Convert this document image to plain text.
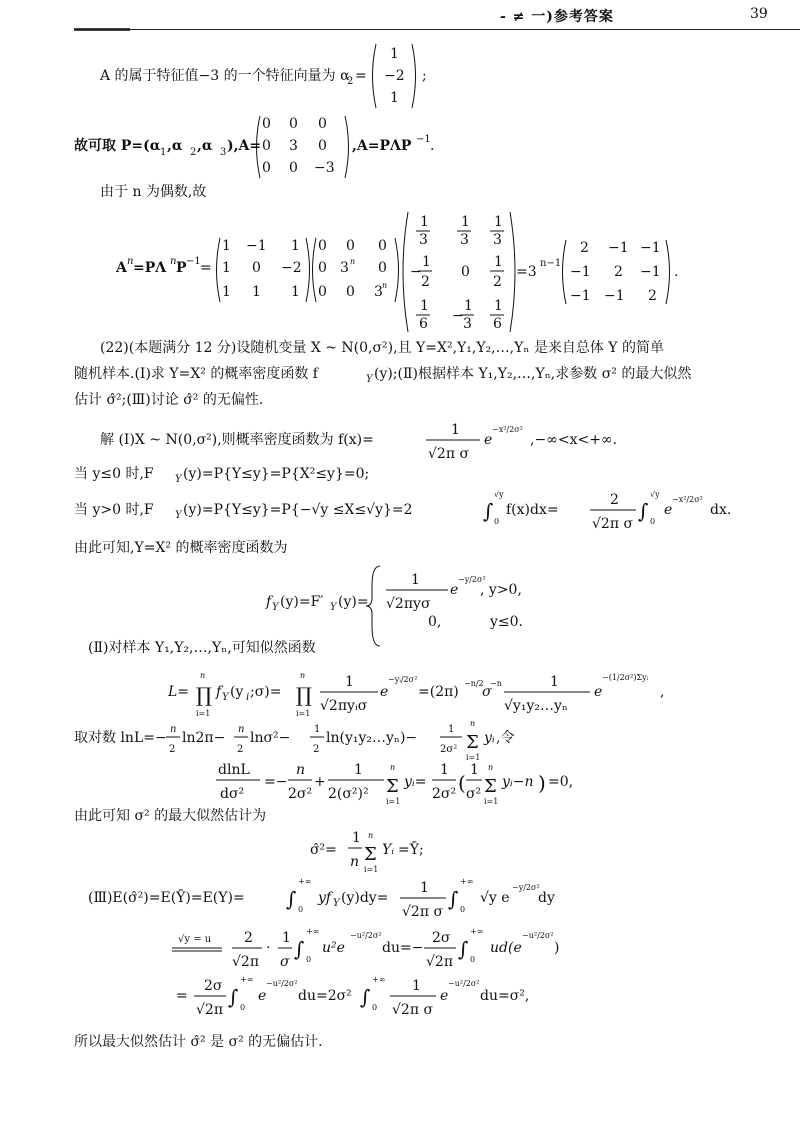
- ≠ 一)参考答案	39
A 的属于特征值−3 的一个特征向量为 α
2 =
1
−2
1
;
故可取 P=(α 1 ,α 2 ,α 3 ),A=
0 0 0
0 3 0
0 0 −3
,A=PΛP −1 .
由于 n 为偶数,故
A n =PΛ n P −1 =
1 −1 1
1 0 −2
1 1 1
0 0 0
0 3 n 0
0 0 3 n
1
3
1
3
1
3
−
1
2
0
1
2
1
6 −
1
3
1
6
=3
n−1
2 −1 −1
−1 2 −1
−1 −1 2
.
(22)(本题满分 12 分)设随机变量 X ~ N(0,σ²),且 Y=X²,Y₁,Y₂,…,Yₙ 是来自总体 Y 的简单
随机样本.(Ⅰ)求 Y=X² 的概率密度函数 f	Y (y);(Ⅱ)根据样本 Y₁,Y₂,…,Yₙ,求参数 σ² 的最大似然
估计 σ̂²;(Ⅲ)讨论 σ̂² 的无偏性.
解 (Ⅰ)X ~ N(0,σ²),则概率密度函数为 f(x)=
1
√2π σ
e
−x²/2σ²
,−∞<x<+∞.
当 y≤0 时,F Y (y)=P{Y≤y}=P{X²≤y}=0;
当 y>0 时,F Y (y)=P{Y≤y}=P{−√y ≤X≤√y}=2	∫
√y
0
f(x)dx=
2
√2π σ
∫
√y
0
e
−x²/2σ²
dx.
由此可知,Y=X² 的概率密度函数为
f Y (y)=F′ Y (y)=
1
√2πyσ
e
−y/2σ²
, y>0,
0,	y≤0.
(Ⅱ)对样本 Y₁,Y₂,…,Yₙ,可知似然函数
L= ∏
n
i=1
f Y (y i ;σ)= ∏
n
i=1
1
√2πyᵢσ
e
−yᵢ/2σ²
=(2π)
−n/2
σ
−n	1
√y₁y₂…yₙ
e
−(1/2σ²)Σyᵢ
,
取对数 lnL=−
n
2
ln2π−
n
2
lnσ²−
1
2
ln(y₁y₂…yₙ)−
1
2σ² Σ
n
i=1
yᵢ ,令
dlnL
dσ²
=−
n
2σ²
+
1
2(σ²)² Σ
n
i=1
yᵢ=
1
2σ² (
1
σ² Σ
n
i=1
yᵢ−n ) =0,
由此可知 σ² 的最大似然估计为
σ̂²=
1
n Σ
n
i=1
Yᵢ =Ȳ;
(Ⅲ)E(σ̂²)=E(Ȳ)=E(Y)= ∫
+∞
0
yf Y (y)dy=
1
√2π σ
∫
+∞
0
√y e
−y/2σ²
dy
√y = u 2
√2π
·
1
σ
∫
+∞
0
u²e
−u²/2σ²
du=−
2σ
√2π
∫
+∞
0
ud(e
−u²/2σ²
)
=
2σ
√2π
∫
+∞
0
e
−u²/2σ²
du=2σ² ∫
+∞
0
1
√2π σ
e
−u²/2σ²
du=σ²,
所以最大似然估计 σ̂² 是 σ² 的无偏估计.
